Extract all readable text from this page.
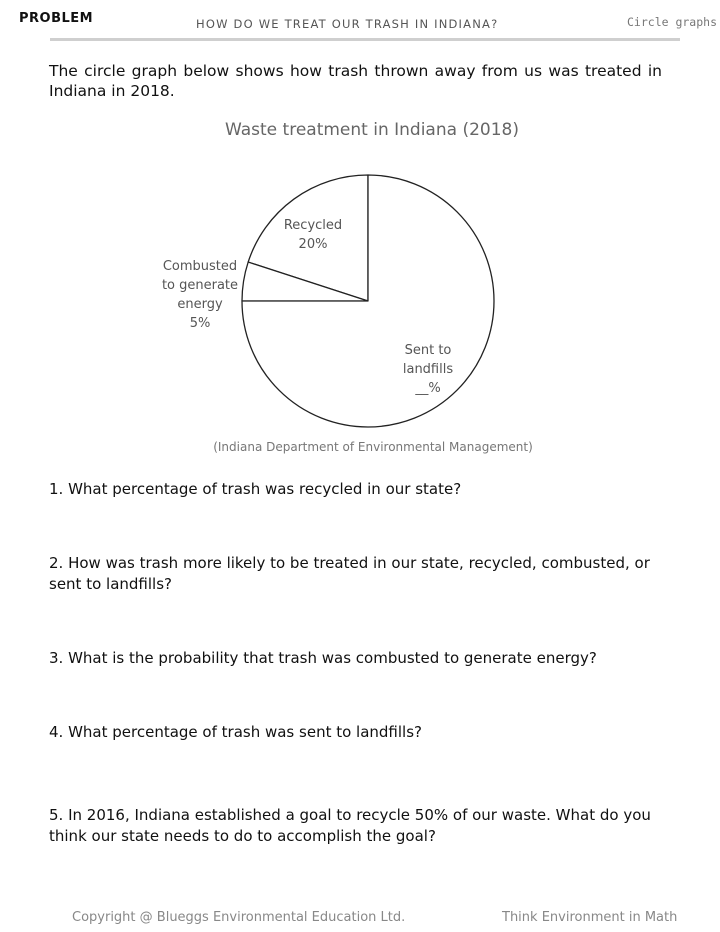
PROBLEM	HOW DO WE TREAT OUR TRASH IN INDIANA?	Circle graphs
The circle graph below shows how trash thrown away from us was treated in Indiana in 2018.
Waste treatment in Indiana (2018)
Recycled 20%
Combusted to generate energy 5%
Sent to landfills __%
(Indiana Department of Environmental Management)
1. What percentage of trash was recycled in our state?
2. How was trash more likely to be treated in our state, recycled, combusted, or sent to landfills?
3. What is the probability that trash was combusted to generate energy?
4. What percentage of trash was sent to landfills?
5. In 2016, Indiana established a goal to recycle 50% of our waste. What do you think our state needs to do to accomplish the goal?
Copyright @ Blueggs Environmental Education Ltd.	Think Environment in Math
